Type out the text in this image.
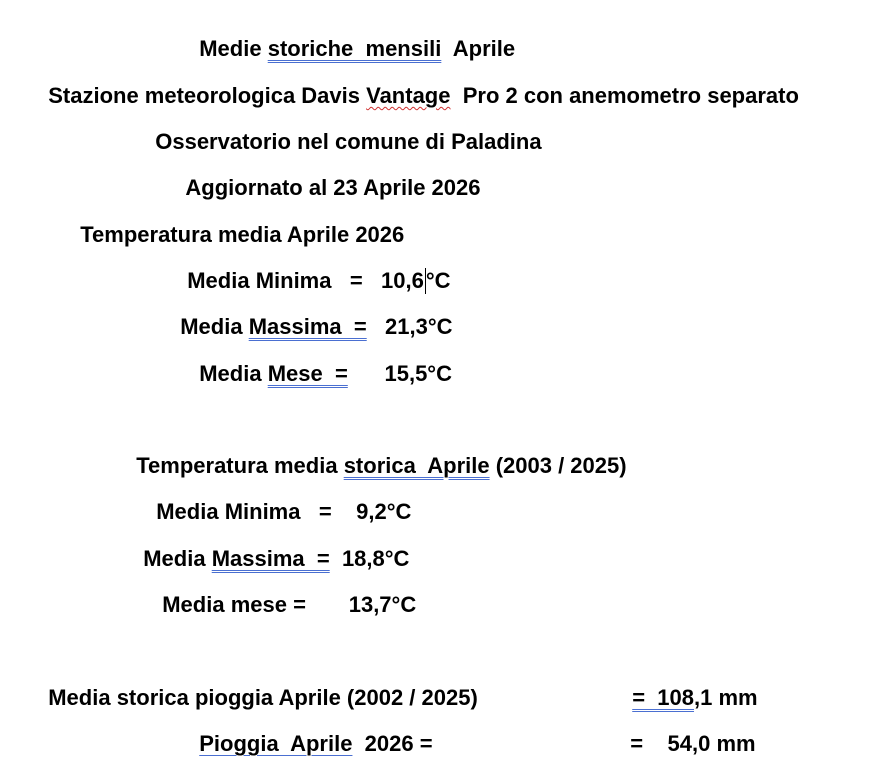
Medie storiche  mensili  Aprile

Stazione meteorologica Davis Vantage  Pro 2 con anemometro separato

Osservatorio nel comune di Paladina

Aggiornato al 23 Aprile 2026

Temperatura media Aprile 2026

Media Minima   =   10,6°C

Media Massima  =   21,3°C

Media Mese  =      15,5°C

Temperatura media storica  Aprile (2003 / 2025)

Media Minima   =    9,2°C

Media Massima  =  18,8°C

Media mese =       13,7°C

Media storica pioggia Aprile (2002 / 2025)	=  108,1 mm

Pioggia  Aprile  2026 =	=    54,0 mm
